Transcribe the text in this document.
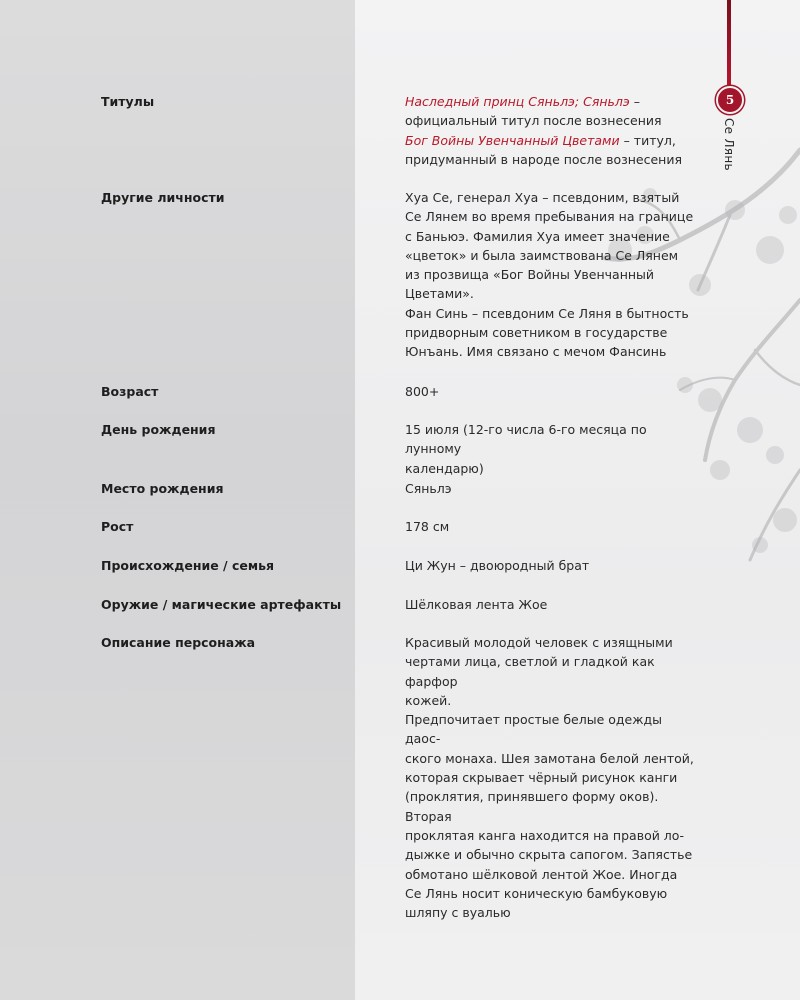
5
Се Лянь
Титулы	Наследный принц Сяньлэ; Сяньлэ –

официальный титул после вознесения

Бог Войны Увенчанный Цветами – титул,

придуманный в народе после вознесения

Другие личности	Хуа Се, генерал Хуа – псевдоним, взятый

Се Лянем во время пребывания на границе

с Баньюэ. Фамилия Хуа имеет значение

«цветок» и была заимствована Се Лянем

из прозвища «Бог Войны Увенчанный

Цветами».

Фан Синь – псевдоним Се Ляня в бытность

придворным советником в государстве

Юнъань. Имя связано с мечом Фансинь

Возраст	800+

День рождения	15 июля (12-го числа 6-го месяца по лунному

календарю)

Место рождения	Сяньлэ

Рост	178 см

Происхождение / семья	Ци Жун – двоюродный брат

Оружие / магические артефакты	Шёлковая лента Жое

Описание персонажа	Красивый молодой человек с изящными

чертами лица, светлой и гладкой как фарфор

кожей.

Предпочитает простые белые одежды даос-

ского монаха. Шея замотана белой лентой,

которая скрывает чёрный рисунок канги

(проклятия, принявшего форму оков). Вторая

проклятая канга находится на правой ло-

дыжке и обычно скрыта сапогом. Запястье

обмотано шёлковой лентой Жое. Иногда

Се Лянь носит коническую бамбуковую

шляпу с вуалью
